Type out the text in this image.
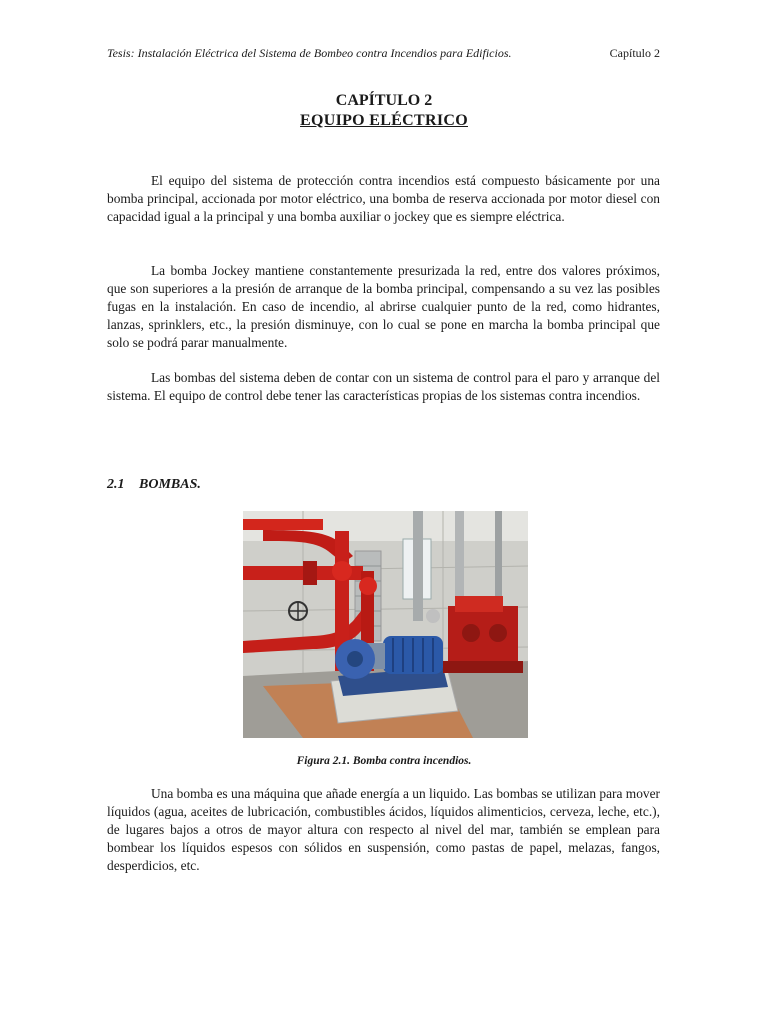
Tesis: Instalación Eléctrica del Sistema de Bombeo contra Incendios para Edificios.	Capítulo 2
CAPÍTULO 2
EQUIPO ELÉCTRICO

El equipo del sistema de protección contra incendios está compuesto básicamente por una bomba principal, accionada por motor eléctrico, una bomba de reserva accionada por motor diesel con capacidad igual a la principal y una bomba auxiliar o jockey que es siempre eléctrica.

La bomba Jockey mantiene constantemente presurizada la red, entre dos valores próximos, que son superiores a la presión de arranque de la bomba principal, compensando a su vez las posibles fugas en la instalación. En caso de incendio, al abrirse cualquier punto de la red, como hidrantes, lanzas, sprinklers, etc., la presión disminuye, con lo cual se pone en marcha la bomba principal que solo se podrá parar manualmente.

Las bombas del sistema deben de contar con un sistema de control para el paro y arranque del sistema. El equipo de control debe tener las características propias de los sistemas contra incendios.

2.1 BOMBAS.
Figura 2.1. Bomba contra incendios.

Una bomba es una máquina que añade energía a un liquido. Las bombas se utilizan para mover líquidos (agua, aceites de lubricación, combustibles ácidos, líquidos alimenticios, cerveza, leche, etc.), de lugares bajos a otros de mayor altura con respecto al nivel del mar, también se emplean para bombear los líquidos espesos con sólidos en suspensión, como pastas de papel, melazas, fangos, desperdicios, etc.
